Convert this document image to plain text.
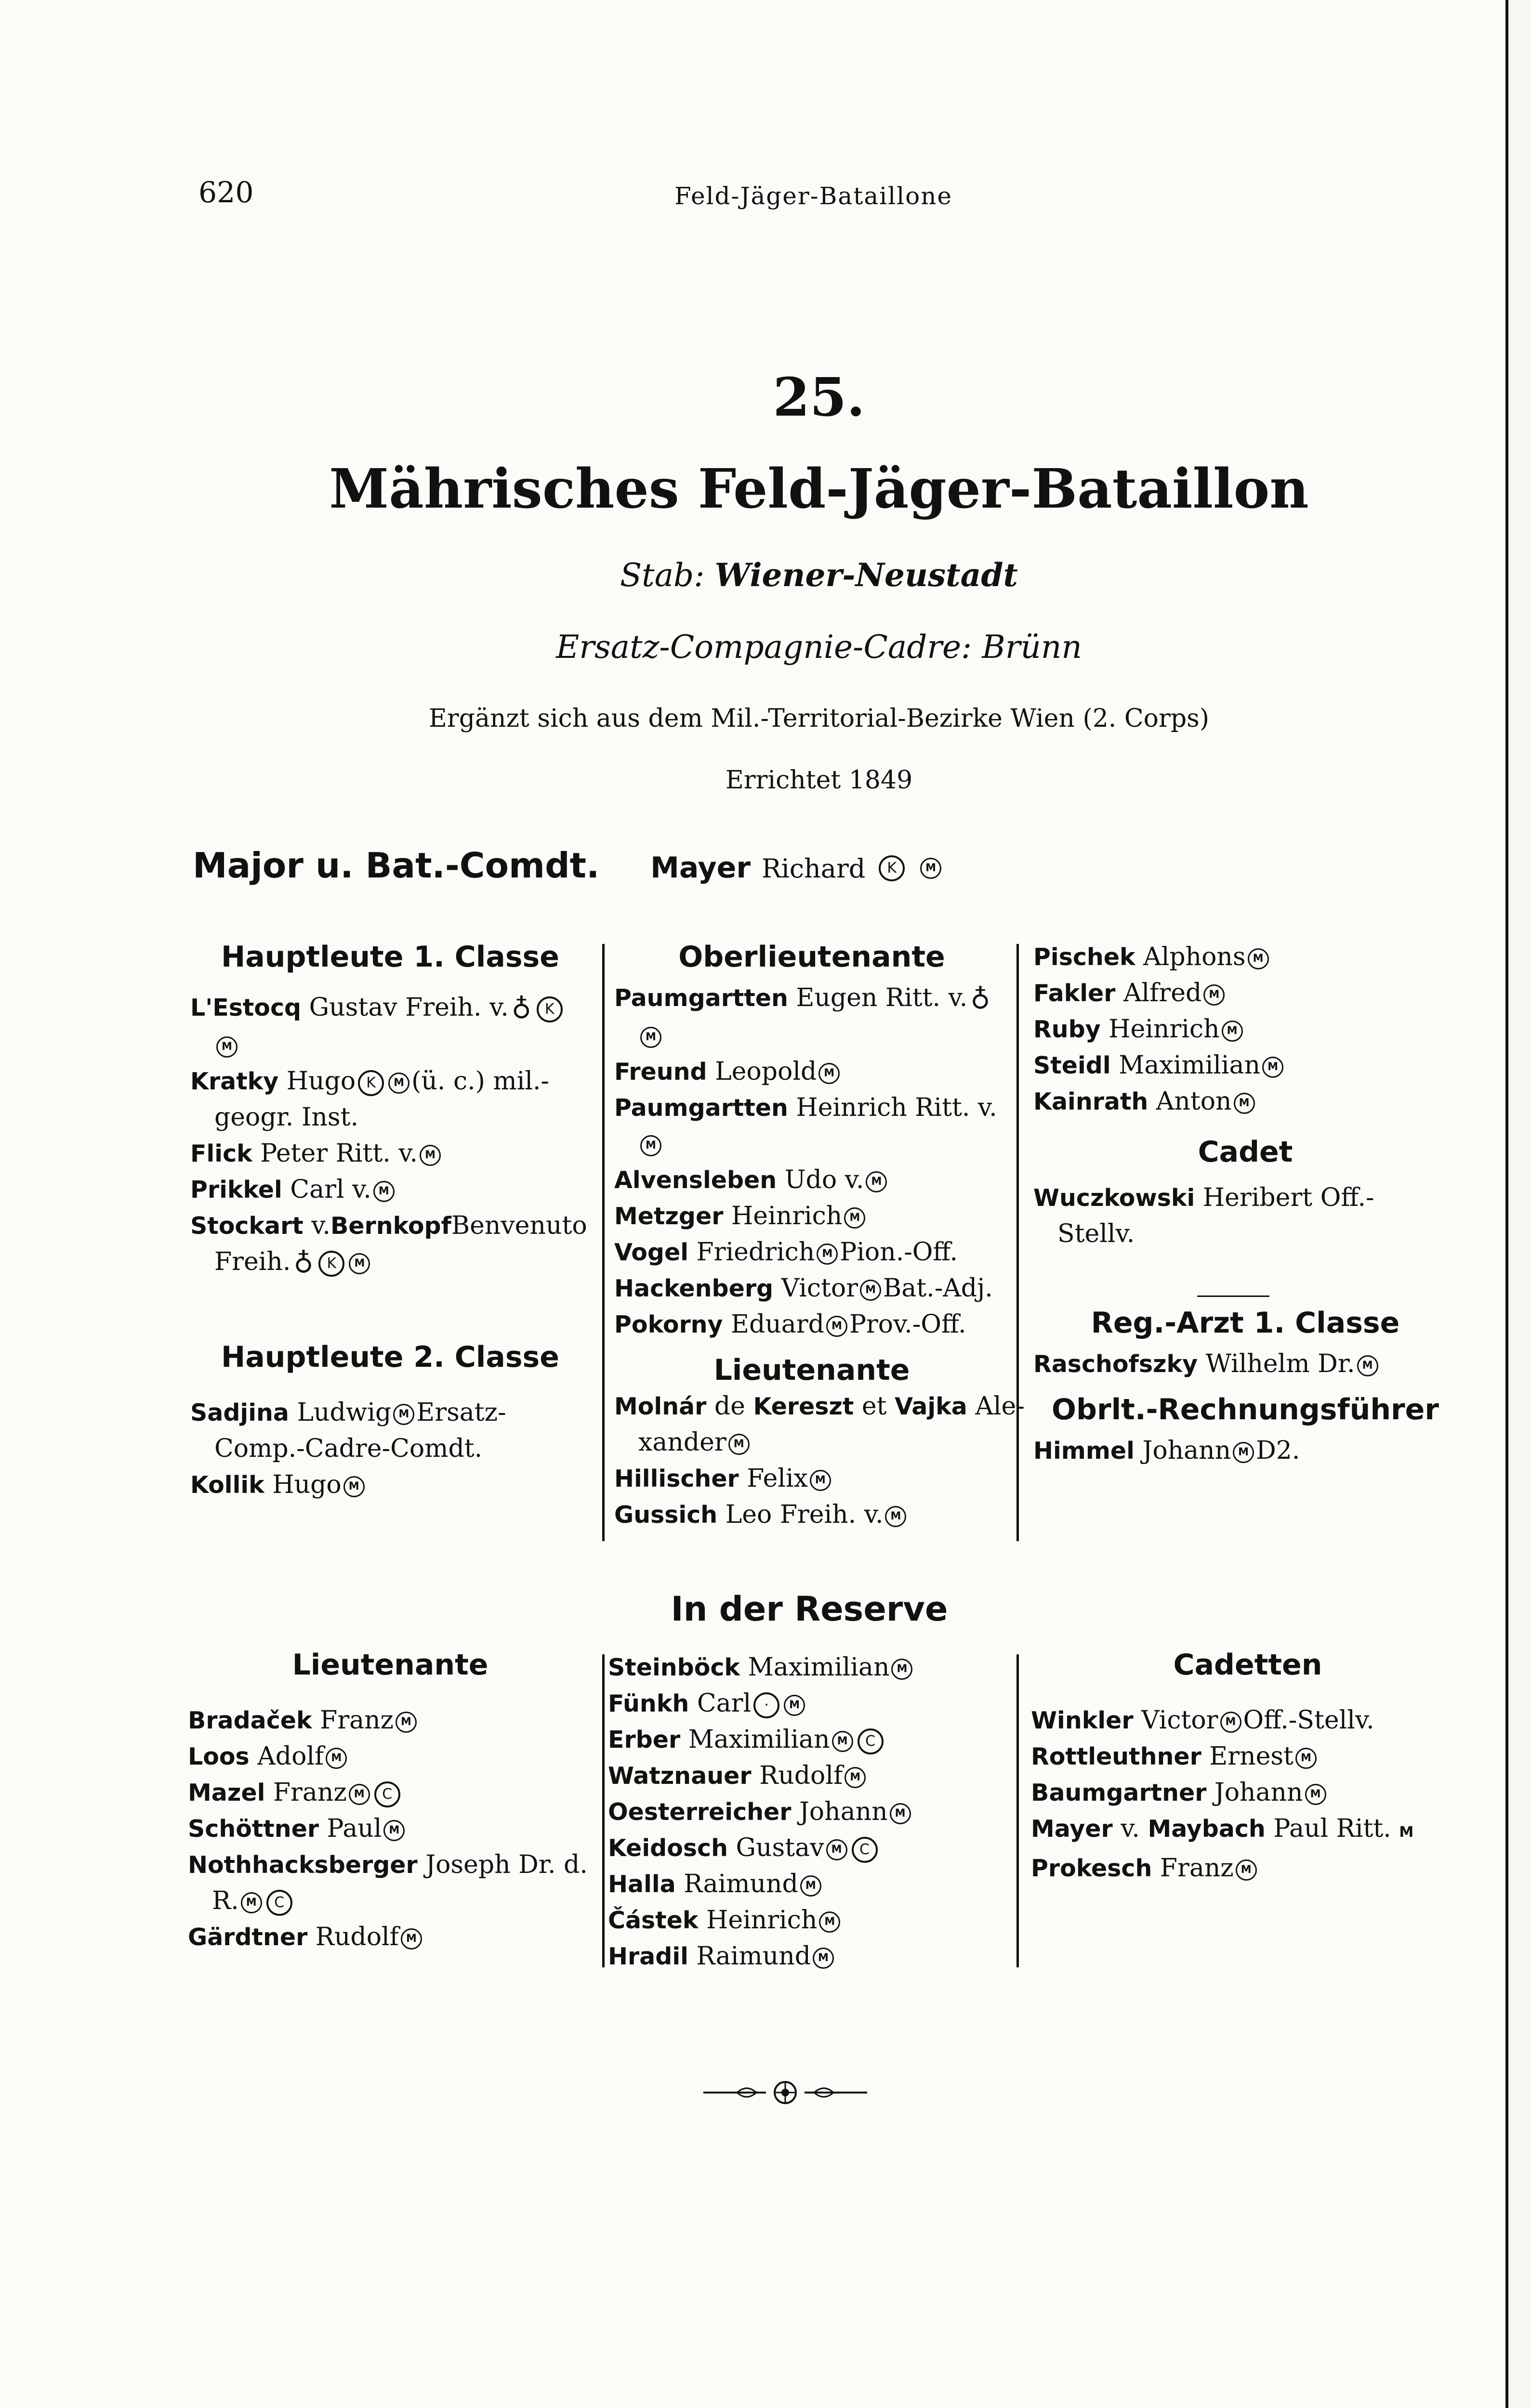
620	Feld-Jäger-Bataillone
25.
Mährisches Feld-Jäger-Bataillon
Stab: Wiener-Neustadt
Ersatz-Compagnie-Cadre: Brünn
Ergänzt sich aus dem Mil.-Territorial-Bezirke Wien (2. Corps)
Errichtet 1849
Major u. Bat.-Comdt. Mayer Richard K	M

Hauptleute 1. Classe

L'Estocq Gustav Freih. v. ♁ K

M

Kratky Hugo K M (ü. c.) mil.-

geogr. Inst.

Flick Peter Ritt. v. M

Prikkel Carl v. M

Stockart v.BernkopfBenvenuto

Freih. ♁ K M

Hauptleute 2. Classe

Sadjina Ludwig M Ersatz-

Comp.-Cadre-Comdt.

Kollik Hugo M

Oberlieutenante

Paumgartten Eugen Ritt. v. ♁

M

Freund Leopold M

Paumgartten Heinrich Ritt. v.

M

Alvensleben Udo v. M

Metzger Heinrich M

Vogel Friedrich M Pion.-Off.

Hackenberg Victor M Bat.-Adj.

Pokorny Eduard M Prov.-Off.

Lieutenante

Molnár de Kereszt et Vajka Ale-

xander M

Hillischer Felix M

Gussich Leo Freih. v. M

Pischek Alphons M

Fakler Alfred M

Ruby Heinrich M

Steidl Maximilian M

Kainrath Anton M

Cadet

Wuczkowski Heribert Off.-

Stellv.

Reg.-Arzt 1. Classe

Raschofszky Wilhelm Dr. M

Obrlt.-Rechnungsführer

Himmel Johann M D2.

In der Reserve

Lieutenante

Bradaček Franz M

Loos Adolf M

Mazel Franz M C

Schöttner Paul M

Nothhacksberger Joseph Dr. d.

R. M C

Gärdtner Rudolf M

Steinböck Maximilian M

Fünkh Carl · M

Erber Maximilian M C

Watznauer Rudolf M

Oesterreicher Johann M

Keidosch Gustav M C

Halla Raimund M

Částek Heinrich M

Hradil Raimund M

Cadetten

Winkler Victor M Off.-Stellv.

Rottleuthner Ernest M

Baumgartner Johann M

Mayer v. Maybach Paul Ritt. M

Prokesch Franz M
